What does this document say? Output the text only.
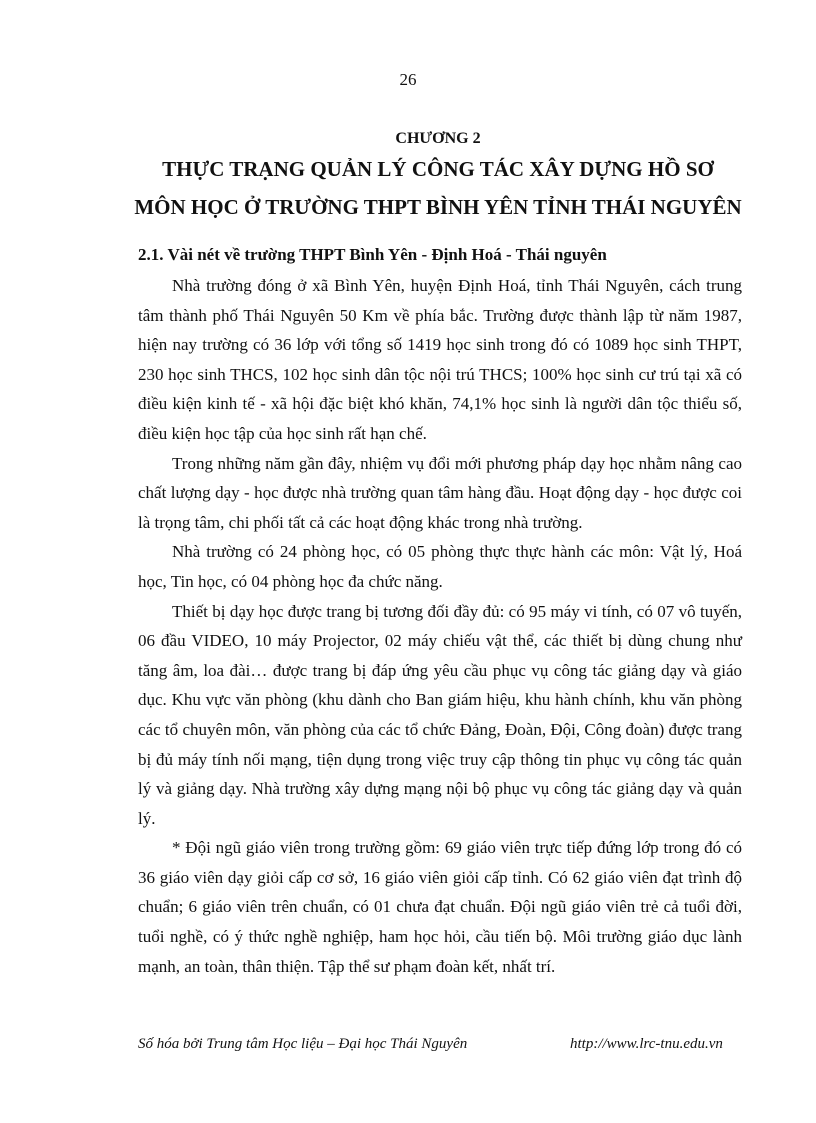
26

CHƯƠNG 2

THỰC TRẠNG QUẢN LÝ CÔNG TÁC XÂY DỰNG HỒ SƠ

MÔN HỌC Ở TRƯỜNG THPT BÌNH YÊN TỈNH THÁI NGUYÊN

2.1. Vài nét về trường THPT Bình Yên - Định Hoá - Thái nguyên

Nhà trường đóng ở xã Bình Yên, huyện Định Hoá, tỉnh Thái Nguyên, cách trung tâm thành phố Thái Nguyên 50 Km về phía bắc. Trường được thành lập từ năm 1987, hiện nay trường có 36 lớp với tổng số 1419 học sinh trong đó có 1089 học sinh THPT, 230 học sinh THCS, 102 học sinh dân tộc nội trú THCS; 100% học sinh cư trú tại xã có điều kiện kinh tế - xã hội đặc biệt khó khăn, 74,1% học sinh là người dân tộc thiểu số, điều kiện học tập của học sinh rất hạn chế.

Trong những năm gần đây, nhiệm vụ đổi mới phương pháp dạy học nhằm nâng cao chất lượng dạy - học được nhà trường quan tâm hàng đầu. Hoạt động dạy - học được coi là trọng tâm, chi phối tất cả các hoạt động khác trong nhà trường.

Nhà trường có 24 phòng học, có 05 phòng thực thực hành các môn: Vật lý, Hoá học, Tin học, có 04 phòng học đa chức năng.

Thiết bị dạy học được trang bị tương đối đầy đủ: có 95 máy vi tính, có 07 vô tuyến, 06 đầu VIDEO, 10 máy Projector, 02 máy chiếu vật thể, các thiết bị dùng chung như tăng âm, loa đài… được trang bị đáp ứng yêu cầu phục vụ công tác giảng dạy và giáo dục. Khu vực văn phòng (khu dành cho Ban giám hiệu, khu hành chính, khu văn phòng các tổ chuyên môn, văn phòng của các tổ chức Đảng, Đoàn, Đội, Công đoàn) được trang bị đủ máy tính nối mạng, tiện dụng trong việc truy cập thông tin phục vụ công tác quản lý và giảng dạy. Nhà trường xây dựng mạng nội bộ phục vụ công tác giảng dạy và quản lý.

* Đội ngũ giáo viên trong trường gồm: 69 giáo viên trực tiếp đứng lớp trong đó có 36 giáo viên dạy giỏi cấp cơ sở, 16 giáo viên giỏi cấp tỉnh. Có 62 giáo viên đạt trình độ chuẩn; 6 giáo viên trên chuẩn, có 01 chưa đạt chuẩn. Đội ngũ giáo viên trẻ cả tuổi đời, tuổi nghề, có ý thức nghề nghiệp, ham học hỏi, cầu tiến bộ. Môi trường giáo dục lành mạnh, an toàn, thân thiện. Tập thể sư phạm đoàn kết, nhất trí.

Số hóa bởi Trung tâm Học liệu – Đại học Thái Nguyên	http://www.lrc-tnu.edu.vn
